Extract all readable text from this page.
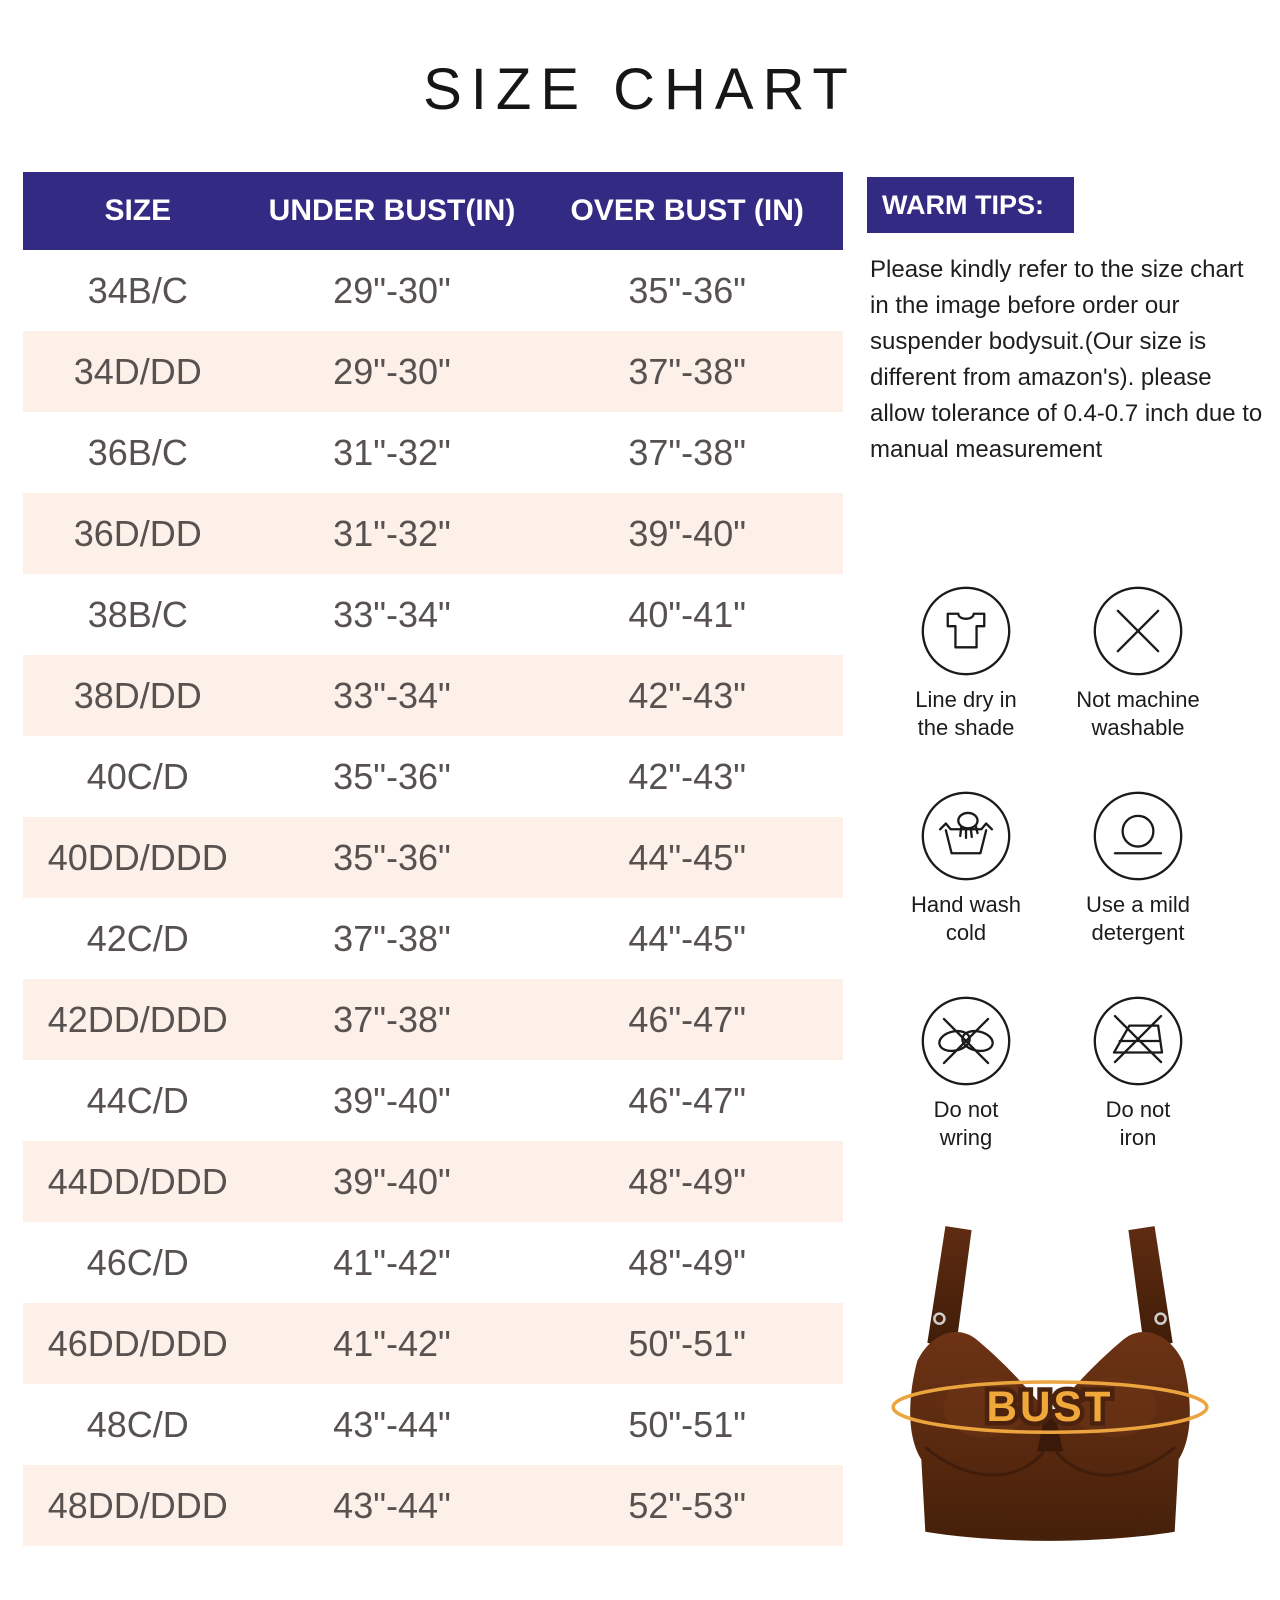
SIZE CHART
SIZE	UNDER BUST(IN)	OVER BUST (IN)
34B/C	29"-30"	35"-36"
34D/DD	29"-30"	37"-38"
36B/C	31"-32"	37"-38"
36D/DD	31"-32"	39"-40"
38B/C	33"-34"	40"-41"
38D/DD	33"-34"	42"-43"
40C/D	35"-36"	42"-43"
40DD/DDD	35"-36"	44"-45"
42C/D	37"-38"	44"-45"
42DD/DDD	37"-38"	46"-47"
44C/D	39"-40"	46"-47"
44DD/DDD	39"-40"	48"-49"
46C/D	41"-42"	48"-49"
46DD/DDD	41"-42"	50"-51"
48C/D	43"-44"	50"-51"
48DD/DDD	43"-44"	52"-53"
WARM TIPS:
Please kindly refer to the size chart in the image before order our suspender bodysuit.(Our size is different from amazon's). please allow tolerance of 0.4-0.7 inch due to manual measurement
Line dry in
the shade
Not machine
washable
Hand wash
cold
Use a mild
detergent
Do not
wring
Do not
iron
BUST
